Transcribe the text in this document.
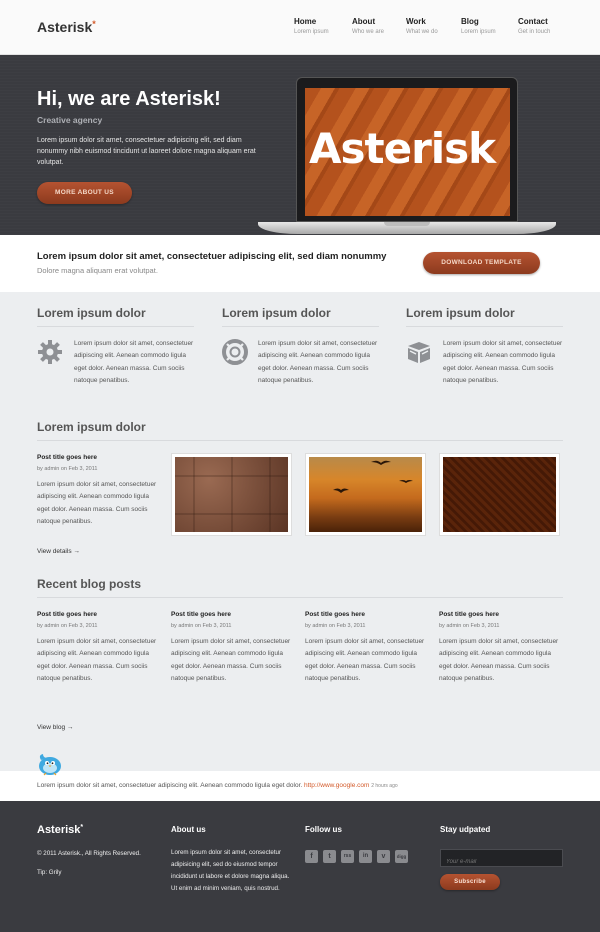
Asterisk*	Home
Lorem ipsum
About
Who we are
Work
What we do
Blog
Lorem ipsum
Contact
Get in touch
Hi, we are Asterisk!
Creative agency
Lorem ipsum dolor sit amet, consectetuer adipiscing elit, sed diam nonummy nibh euismod tincidunt ut laoreet dolore magna aliquam erat volutpat.
MORE ABOUT US
Asterisk
Lorem ipsum dolor sit amet, consectetuer adipiscing elit, sed diam nonummy
Dolore magna aliquam erat volutpat.
DOWNLOAD TEMPLATE
Lorem ipsum dolor
Lorem ipsum dolor sit amet, consectetuer adipiscing elit. Aenean commodo ligula eget dolor. Aenean massa. Cum sociis natoque penatibus.
Lorem ipsum dolor
Lorem ipsum dolor sit amet, consectetuer adipiscing elit. Aenean commodo ligula eget dolor. Aenean massa. Cum sociis natoque penatibus.
Lorem ipsum dolor
Lorem ipsum dolor sit amet, consectetuer adipiscing elit. Aenean commodo ligula eget dolor. Aenean massa. Cum sociis natoque penatibus.
Lorem ipsum dolor
Post title goes here
by admin on Feb 3, 2011
Lorem ipsum dolor sit amet, consectetuer adipiscing elit. Aenean commodo ligula eget dolor. Aenean massa. Cum sociis natoque penatibus.
View details →
Recent blog posts
Post title goes here
by admin on Feb 3, 2011
Lorem ipsum dolor sit amet, consectetuer adipiscing elit. Aenean commodo ligula eget dolor. Aenean massa. Cum sociis natoque penatibus.
Post title goes here
by admin on Feb 3, 2011
Lorem ipsum dolor sit amet, consectetuer adipiscing elit. Aenean commodo ligula eget dolor. Aenean massa. Cum sociis natoque penatibus.
Post title goes here
by admin on Feb 3, 2011
Lorem ipsum dolor sit amet, consectetuer adipiscing elit. Aenean commodo ligula eget dolor. Aenean massa. Cum sociis natoque penatibus.
Post title goes here
by admin on Feb 3, 2011
Lorem ipsum dolor sit amet, consectetuer adipiscing elit. Aenean commodo ligula eget dolor. Aenean massa. Cum sociis natoque penatibus.
View blog →
Lorem ipsum dolor sit amet, consectetuer adipiscing elit. Aenean commodo ligula eget dolor. http://www.google.com 2 hours ago
Asterisk*
© 2011 Asterisk., All Rights Reserved.
Tip: Grily
About us
Lorem ipsum dolor sit amet, consectetur adipisicing elit, sed do eiusmod tempor incididunt ut labore et dolore magna aliqua. Ut enim ad minim veniam, quis nostrud.
Follow us
f	t	rss	in	v	digg
Stay udpated
Your e-mail
Subscribe
